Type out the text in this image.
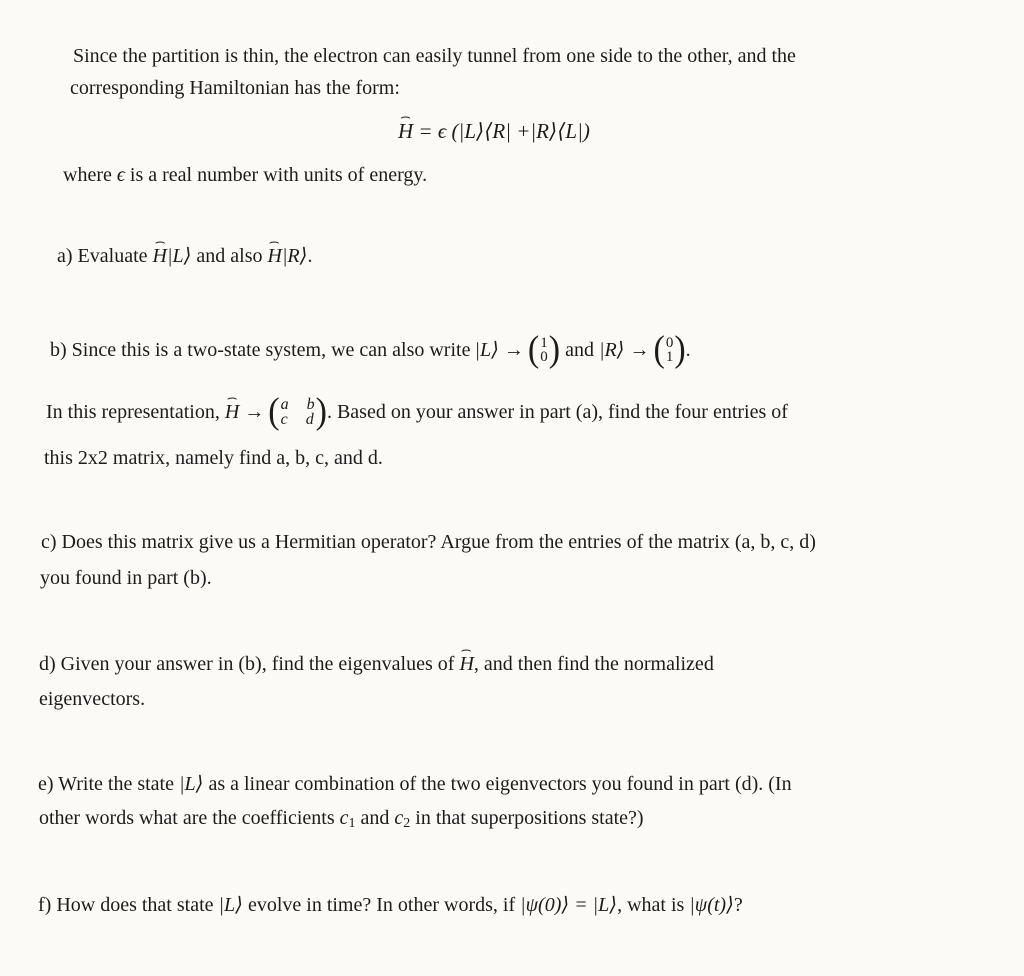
Since the partition is thin, the electron can easily tunnel from one side to the other, and the
corresponding Hamiltonian has the form:
⌢ H = ϵ (|L⟩⟨R| +|R⟩⟨L|)
where ϵ is a real number with units of energy.
a) Evaluate ⌢ H|L⟩ and also ⌢ H|R⟩.
b) Since this is a two-state system, we can also write |L⟩ → ( 1
0 ) and |R⟩ → ( 0
1 ) .
In this representation,
⌢ H → ( a b
c d ) . Based on your answer in part (a), find the four entries of
this 2x2 matrix, namely find a, b, c, and d.
c) Does this matrix give us a Hermitian operator? Argue from the entries of the matrix (a, b, c, d)
you found in part (b).
d) Given your answer in (b), find the eigenvalues of ⌢ H, and then find the normalized
eigenvectors.
e) Write the state |L⟩ as a linear combination of the two eigenvectors you found in part (d). (In
other words what are the coefficients $c_1$ and $c_2$ in that superpositions state?)
f) How does that state |L⟩ evolve in time? In other words, if |ψ(0)⟩ = |L⟩, what is |ψ(t)⟩?
